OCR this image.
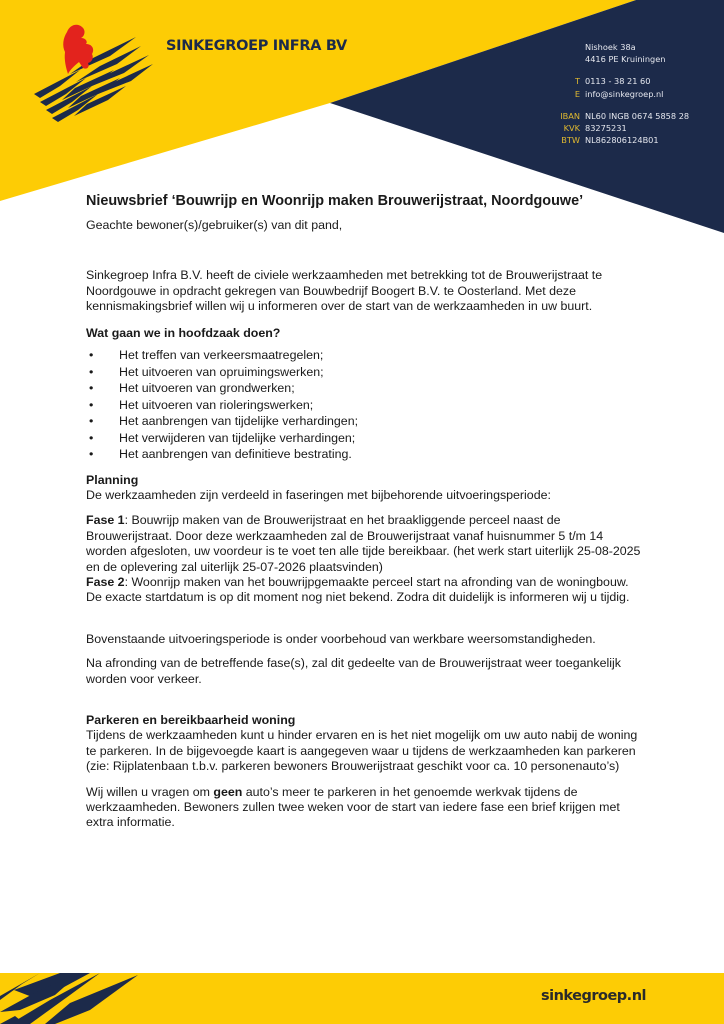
SINKEGROEP INFRA BV	Nishoek 38a
4416 PE Kruiningen
T 0113 - 38 21 60
E info@sinkegroep.nl
IBAN NL60 INGB 0674 5858 28
KVK 83275231
BTW NL862806124B01
Nieuwsbrief ‘Bouwrijp en Woonrijp maken Brouwerijstraat, Noordgouwe’

Geachte bewoner(s)/gebruiker(s) van dit pand,

Sinkegroep Infra B.V. heeft de civiele werkzaamheden met betrekking tot de Brouwerijstraat te Noordgouwe in opdracht gekregen van Bouwbedrijf Boogert B.V. te Oosterland. Met deze kennismakingsbrief willen wij u informeren over de start van de werkzaamheden in uw buurt.

Wat gaan we in hoofdzaak doen?

•	Het treffen van verkeersmaatregelen;
•	Het uitvoeren van opruimingswerken;
•	Het uitvoeren van grondwerken;
•	Het uitvoeren van rioleringswerken;
•	Het aanbrengen van tijdelijke verhardingen;
•	Het verwijderen van tijdelijke verhardingen;
•	Het aanbrengen van definitieve bestrating.

Planning

De werkzaamheden zijn verdeeld in faseringen met bijbehorende uitvoeringsperiode:

Fase 1: Bouwrijp maken van de Brouwerijstraat en het braakliggende perceel naast de Brouwerijstraat. Door deze werkzaamheden zal de Brouwerijstraat vanaf huisnummer 5 t/m 14 worden afgesloten, uw voordeur is te voet ten alle tijde bereikbaar. (het werk start uiterlijk 25-08-2025 en de oplevering zal uiterlijk 25-07-2026 plaatsvinden)

Fase 2: Woonrijp maken van het bouwrijpgemaakte perceel start na afronding van de woningbouw. De exacte startdatum is op dit moment nog niet bekend. Zodra dit duidelijk is informeren wij u tijdig.

Bovenstaande uitvoeringsperiode is onder voorbehoud van werkbare weersomstandigheden.

Na afronding van de betreffende fase(s), zal dit gedeelte van de Brouwerijstraat weer toegankelijk worden voor verkeer.

Parkeren en bereikbaarheid woning

Tijdens de werkzaamheden kunt u hinder ervaren en is het niet mogelijk om uw auto nabij de woning te parkeren. In de bijgevoegde kaart is aangegeven waar u tijdens de werkzaamheden kan parkeren (zie: Rijplatenbaan t.b.v. parkeren bewoners Brouwerijstraat geschikt voor ca. 10 personenauto’s)

Wij willen u vragen om geen auto’s meer te parkeren in het genoemde werkvak tijdens de werkzaamheden. Bewoners zullen twee weken voor de start van iedere fase een brief krijgen met extra informatie.

sinkegroep.nl
